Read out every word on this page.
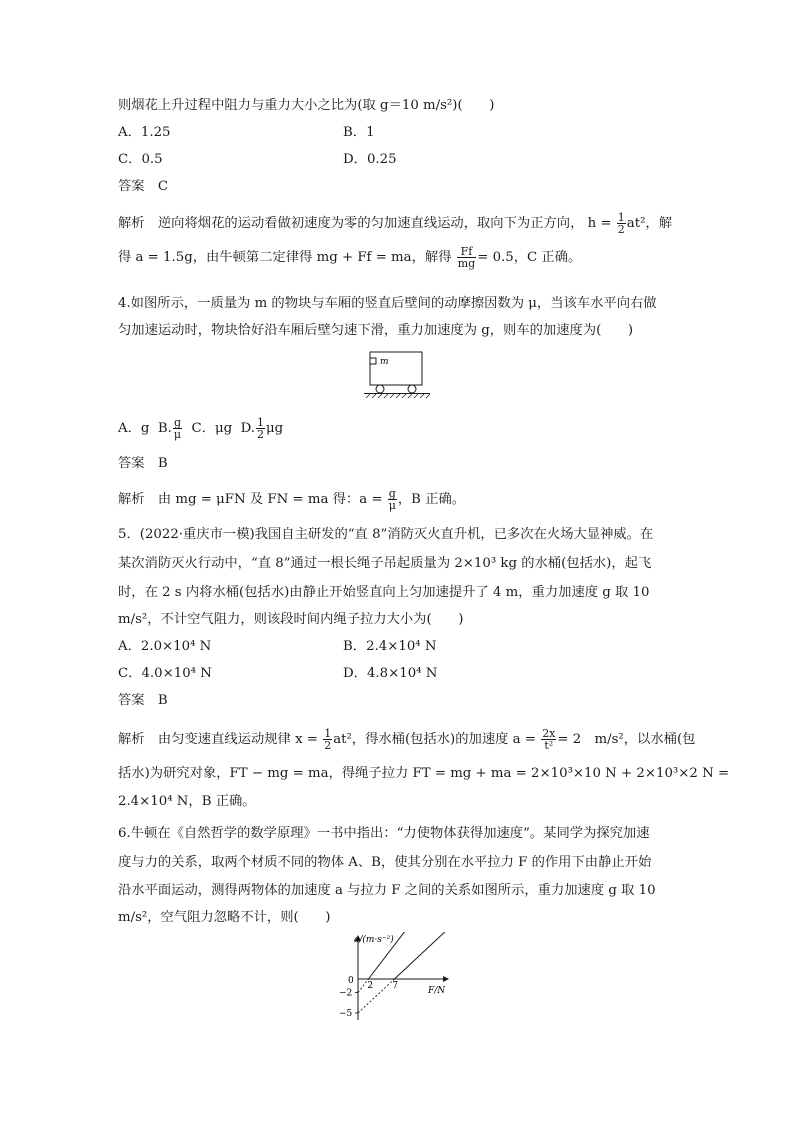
则烟花上升过程中阻力与重力大小之比为(取 g＝10 m/s²)(　　)
A．1.25	B．1
C．0.5	D．0.25
答案　C
解析　逆向将烟花的运动看做初速度为零的匀加速直线运动，取向下为正方向， $h = \frac{1}{2} at^2$，解
得 a = 1.5g，由牛顿第二定律得 mg + Ff = ma，解得 $\frac{Ff}{mg} = 0.5$，C 正确。
4.如图所示，一质量为 m 的物块与车厢的竖直后壁间的动摩擦因数为 μ，当该车水平向右做
匀加速运动时，物块恰好沿车厢后壁匀速下滑，重力加速度为 g，则车的加速度为(　　)
m
A．g B. $\frac{g}{\mu}$ C．μg D. $\frac{1}{2}$ μg
答案　B
解析　由 mg = μFN 及 FN = ma 得：$a = \frac{g}{\mu}$ ，B 正确。
5．(2022·重庆市一模)我国自主研发的“直 8”消防灭火直升机，已多次在火场大显神威。在
某次消防灭火行动中，“直 8”通过一根长绳子吊起质量为 2×10³ kg 的水桶(包括水)，起飞
时，在 2 s 内将水桶(包括水)由静止开始竖直向上匀加速提升了 4 m，重力加速度 g 取 10
m/s²，不计空气阻力，则该段时间内绳子拉力大小为(　　)
A．2.0×10⁴ N	B．2.4×10⁴ N
C．4.0×10⁴ N	D．4.8×10⁴ N
答案　B
解析　由匀变速直线运动规律 $x = \frac{1}{2} at^2$，得水桶(包括水)的加速度 $a = \frac{2x}{\text{t²}} = 2$　m/s²，以水桶(包
括水)为研究对象，FT − mg = ma，得绳子拉力 FT = mg + ma = 2×10³×10 N + 2×10³×2 N =
2.4×10⁴ N，B 正确。
6.牛顿在《自然哲学的数学原理》一书中指出：“力使物体获得加速度”。某同学为探究加速
度与力的关系，取两个材质不同的物体 A、B，使其分别在水平拉力 F 的作用下由静止开始
沿水平面运动，测得两物体的加速度 a 与拉力 F 之间的关系如图所示，重力加速度 g 取 10
m/s²，空气阻力忽略不计，则(　　)
a/(m·s⁻²)
F/N
0 2 7
−2
−5
